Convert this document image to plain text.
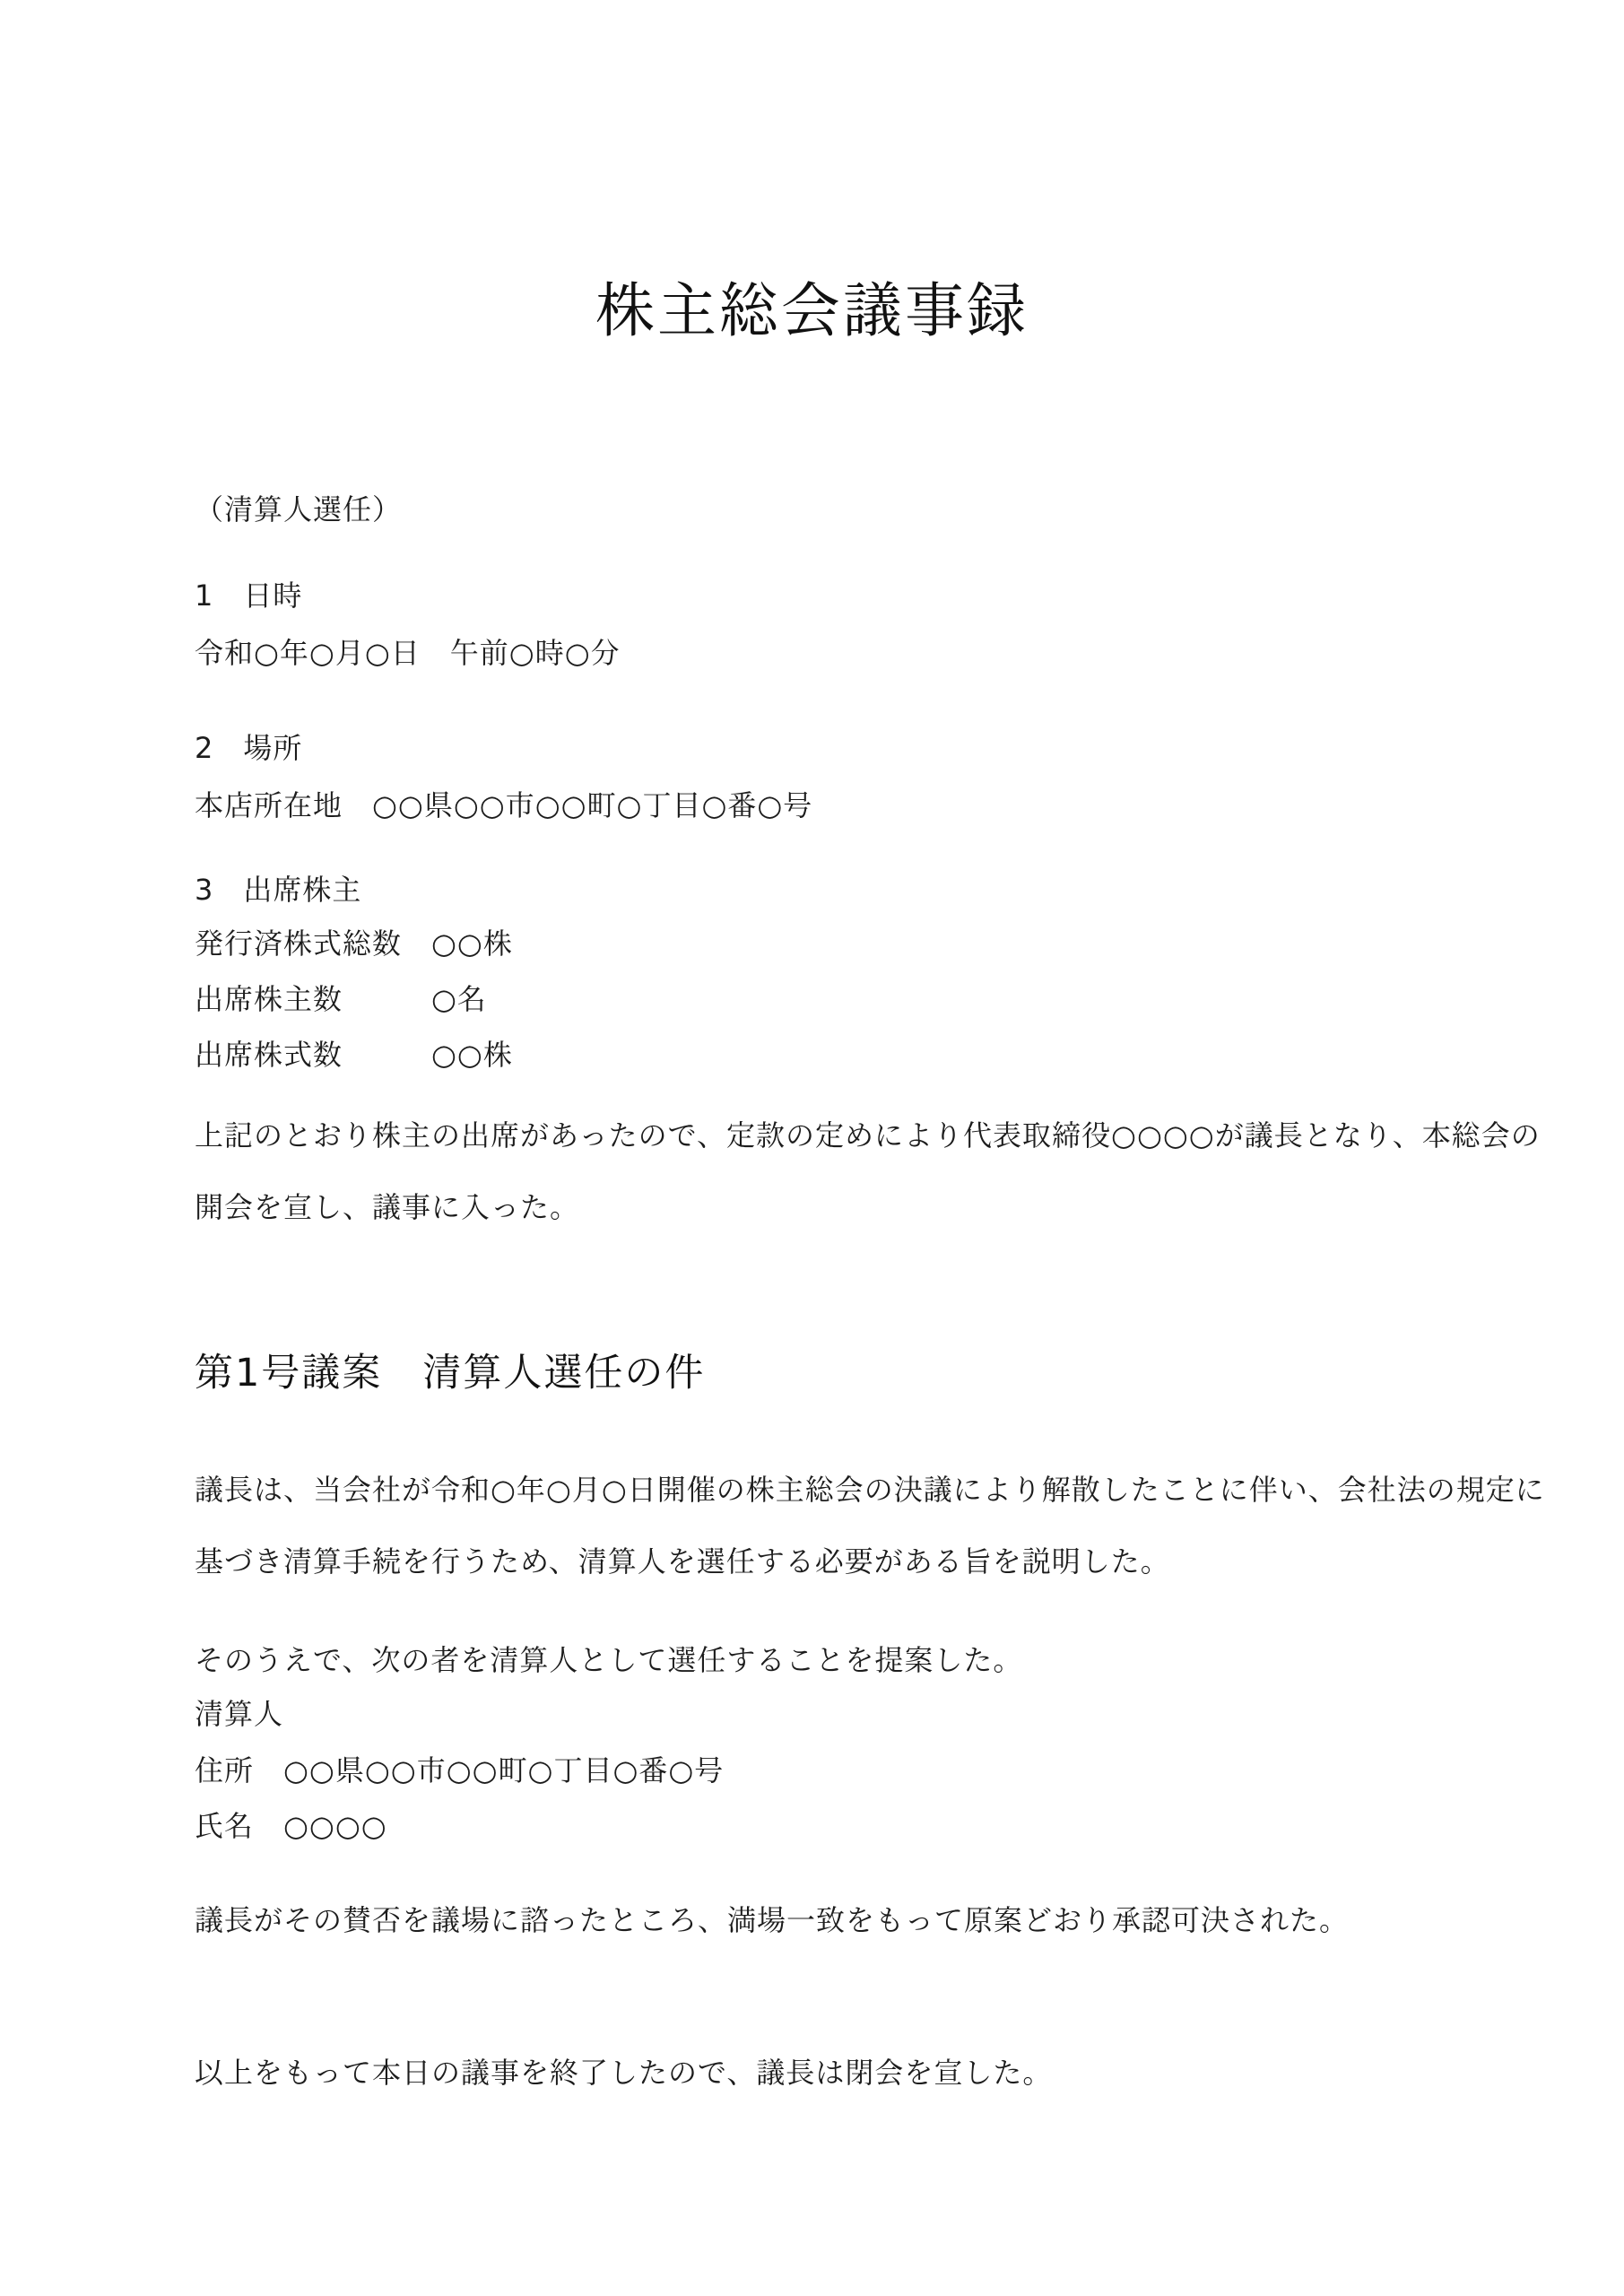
株主総会議事録
（清算人選任）
1　日時
令和○年○月○日　午前○時○分
2　場所
本店所在地　○○県○○市○○町○丁目○番○号
3　出席株主
発行済株式総数　○○株
出席株主数　　　○名
出席株式数　　　○○株
上記のとおり株主の出席があったので、定款の定めにより代表取締役○○○○が議長となり、本総会の
開会を宣し、議事に入った。
第1号議案　清算人選任の件
議長は、当会社が令和○年○月○日開催の株主総会の決議により解散したことに伴い、会社法の規定に
基づき清算手続を行うため、清算人を選任する必要がある旨を説明した。
そのうえで、次の者を清算人として選任することを提案した。
清算人
住所　○○県○○市○○町○丁目○番○号
氏名　○○○○
議長がその賛否を議場に諮ったところ、満場一致をもって原案どおり承認可決された。
以上をもって本日の議事を終了したので、議長は閉会を宣した。
